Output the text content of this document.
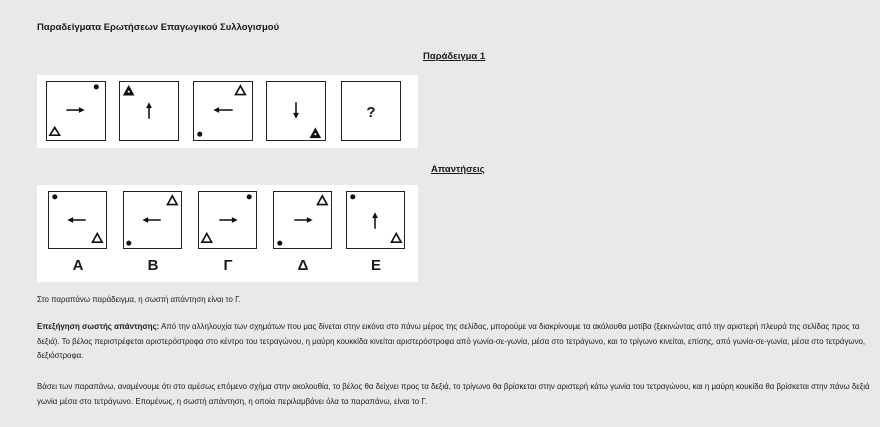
Παραδείγματα Ερωτήσεων Επαγωγικού Συλλογισμού
Παράδειγμα 1
?
Απαντήσεις
A	B	Γ	Δ	E
Στο παραπάνω παράδειγμα, η σωστή απάντηση είναι το Γ.
Επεξήγηση σωστής απάντησης: Από την αλληλουχία των σχημάτων που μας δίνεται στην εικόνα στο πάνω μέρος της σελίδας, μπορούμε να διακρίνουμε τα ακόλουθα μοτίβα (ξεκινώντας από την αριστερή πλευρά της σελίδας προς τα δεξιά). Το βέλος περιστρέφεται αριστερόστροφα στο κέντρο του τετραγώνου, η μαύρη κουκκίδα κινείται αριστερόστροφα από γωνία-σε-γωνία, μέσα στο τετράγωνο, και το τρίγωνο κινείται, επίσης, από γωνία-σε-γωνία, μέσα στο τετράγωνο, δεξιόστροφα.
Βάσει των παραπάνω, αναμένουμε ότι στο αμέσως επόμενο σχήμα στην ακολουθία, το βέλος θα δείχνει προς τα δεξιά, το τρίγωνο θα βρίσκεται στην αριστερή κάτω γωνία του τετραγώνου, και η μαύρη κουκίδα θα βρίσκεται στην πάνω δεξιά γωνία μέσα στο τετράγωνο. Επομένως, η σωστή απάντηση, η οποία περιλαμβάνει όλα τα παραπάνω, είναι το Γ.
